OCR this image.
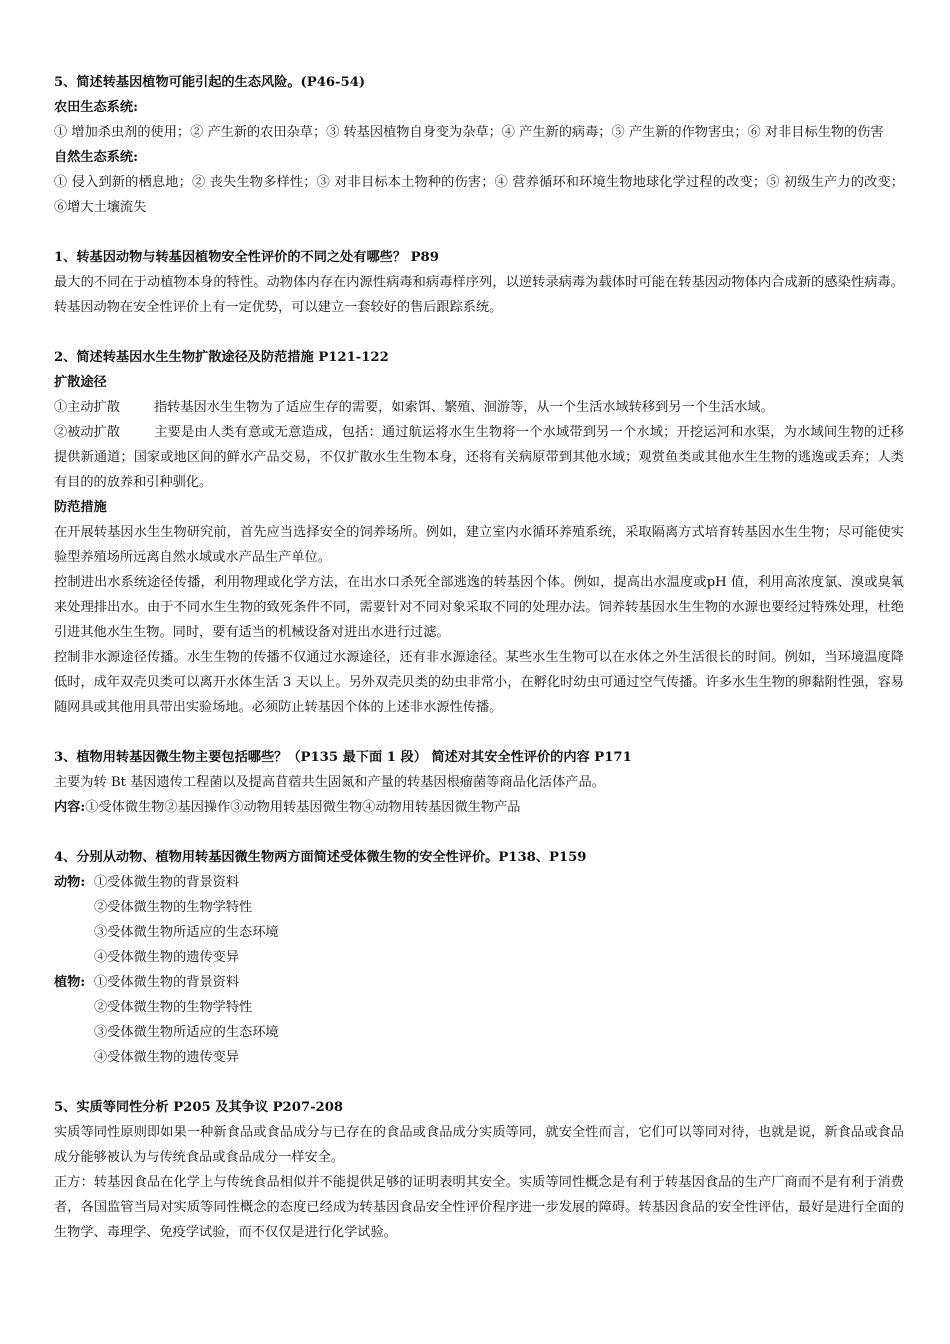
5、简述转基因植物可能引起的生态风险。(P46-54)
农田生态系统:

① 增加杀虫剂的使用；② 产生新的农田杂草；③ 转基因植物自身变为杂草；④ 产生新的病毒；⑤ 产生新的作物害虫；⑥ 对非目标生物的伤害

自然生态系统:

① 侵入到新的栖息地；② 丧失生物多样性；③ 对非目标本土物种的伤害；④ 营养循环和环境生物地球化学过程的改变；⑤ 初级生产力的改变；⑥增大土壤流失

1、转基因动物与转基因植物安全性评价的不同之处有哪些？ P89

最大的不同在于动植物本身的特性。动物体内存在内源性病毒和病毒样序列，以逆转录病毒为载体时可能在转基因动物体内合成新的感染性病毒。转基因动物在安全性评价上有一定优势，可以建立一套较好的售后跟踪系统。

2、简述转基因水生生物扩散途径及防范措施 P121-122
扩散途径

①主动扩散	指转基因水生生物为了适应生存的需要，如索饵、繁殖、洄游等，从一个生活水域转移到另一个生活水域。

②被动扩散	主要是由人类有意或无意造成，包括：通过航运将水生生物将一个水域带到另一个水域；开挖运河和水渠，为水域间生物的迁移提供新通道；国家或地区间的鲜水产品交易，不仅扩散水生生物本身，还将有关病原带到其他水域；观赏鱼类或其他水生生物的逃逸或丢弃；人类有目的的放养和引种驯化。

防范措施

在开展转基因水生生物研究前，首先应当选择安全的饲养场所。例如，建立室内水循环养殖系统，采取隔离方式培育转基因水生生物；尽可能使实验型养殖场所远离自然水域或水产品生产单位。

控制进出水系统途径传播，利用物理或化学方法，在出水口杀死全部逃逸的转基因个体。例如，提高出水温度或pH 值，利用高浓度氯、溴或臭氧来处理排出水。由于不同水生生物的致死条件不同，需要针对不同对象采取不同的处理办法。饲养转基因水生生物的水源也要经过特殊处理，杜绝引进其他水生生物。同时，要有适当的机械设备对进出水进行过滤。

控制非水源途径传播。水生生物的传播不仅通过水源途径，还有非水源途径。某些水生生物可以在水体之外生活很长的时间。例如，当环境温度降低时，成年双壳贝类可以离开水体生活 3 天以上。另外双壳贝类的幼虫非常小，在孵化时幼虫可通过空气传播。许多水生生物的卵黏附性强，容易随网具或其他用具带出实验场地。必须防止转基因个体的上述非水源性传播。

3、植物用转基因微生物主要包括哪些？（P135 最下面 1 段） 简述对其安全性评价的内容 P171

主要为转 Bt 基因遗传工程菌以及提高苜蓿共生固氮和产量的转基因根瘤菌等商品化活体产品。

内容:①受体微生物②基因操作③动物用转基因微生物④动物用转基因微生物产品

4、分别从动物、植物用转基因微生物两方面简述受体微生物的安全性评价。P138、P159
动物: ①受体微生物的背景资料
②受体微生物的生物学特性
③受体微生物所适应的生态环境
④受体微生物的遗传变异
植物: ①受体微生物的背景资料
②受体微生物的生物学特性
③受体微生物所适应的生态环境
④受体微生物的遗传变异
5、实质等同性分析 P205 及其争议 P207-208

实质等同性原则即如果一种新食品或食品成分与已存在的食品或食品成分实质等同，就安全性而言，它们可以等同对待，也就是说，新食品或食品成分能够被认为与传统食品或食品成分一样安全。

正方：转基因食品在化学上与传统食品相似并不能提供足够的证明表明其安全。实质等同性概念是有利于转基因食品的生产厂商而不是有利于消费者，各国监管当局对实质等同性概念的态度已经成为转基因食品安全性评价程序进一步发展的障碍。转基因食品的安全性评估，最好是进行全面的生物学、毒理学、免疫学试验，而不仅仅是进行化学试验。
